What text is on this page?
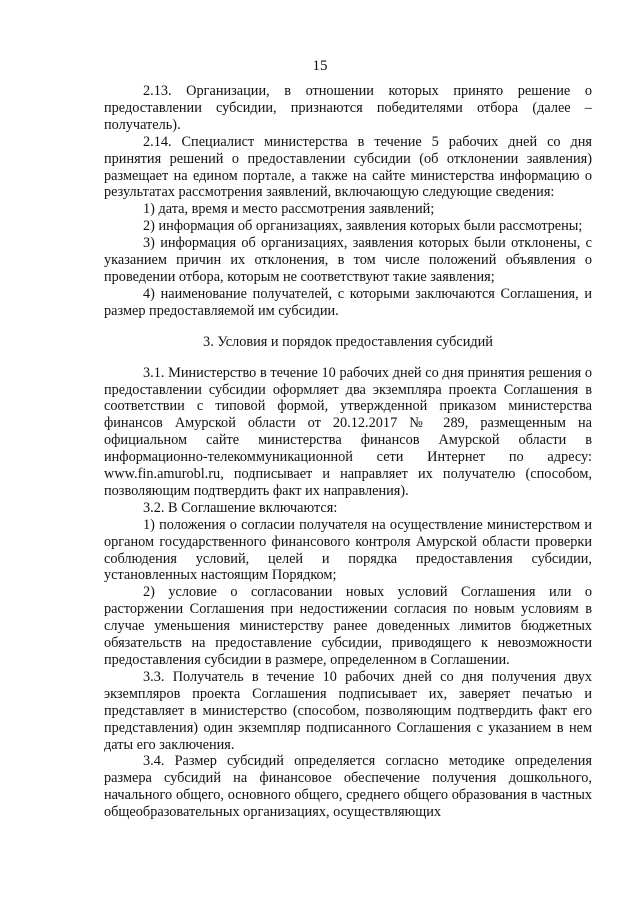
15

2.13. Организации, в отношении которых принято решение о предоставлении субсидии, признаются победителями отбора (далее – получатель).

2.14. Специалист министерства в течение 5 рабочих дней со дня принятия решений о предоставлении субсидии (об отклонении заявления) размещает на едином портале, а также на сайте министерства информацию о результатах рассмотрения заявлений, включающую следующие сведения:

1) дата, время и место рассмотрения заявлений;

2) информация об организациях, заявления которых были рассмотрены;

3) информация об организациях, заявления которых были отклонены, с указанием причин их отклонения, в том числе положений объявления о проведении отбора, которым не соответствуют такие заявления;

4) наименование получателей, с которыми заключаются Соглашения, и размер предоставляемой им субсидии.

3. Условия и порядок предоставления субсидий

3.1. Министерство в течение 10 рабочих дней со дня принятия решения о предоставлении субсидии оформляет два экземпляра проекта Соглашения в соответствии с типовой формой, утвержденной приказом министерства финансов Амурской области от 20.12.2017 № 289, размещенным на официальном сайте министерства финансов Амурской области в информационно-телекоммуникационной сети Интернет по адресу: www.fin.amurobl.ru, подписывает и направляет их получателю (способом, позволяющим подтвердить факт их направления).

3.2. В Соглашение включаются:

1) положения о согласии получателя на осуществление министерством и органом государственного финансового контроля Амурской области проверки соблюдения условий, целей и порядка предоставления субсидии, установленных настоящим Порядком;

2) условие о согласовании новых условий Соглашения или о расторжении Соглашения при недостижении согласия по новым условиям в случае уменьшения министерству ранее доведенных лимитов бюджетных обязательств на предоставление субсидии, приводящего к невозможности предоставления субсидии в размере, определенном в Соглашении.

3.3. Получатель в течение 10 рабочих дней со дня получения двух экземпляров проекта Соглашения подписывает их, заверяет печатью и представляет в министерство (способом, позволяющим подтвердить факт его представления) один экземпляр подписанного Соглашения с указанием в нем даты его заключения.

3.4. Размер субсидий определяется согласно методике определения размера субсидий на финансовое обеспечение получения дошкольного, начального общего, основного общего, среднего общего образования в частных общеобразовательных организациях, осуществляющих
